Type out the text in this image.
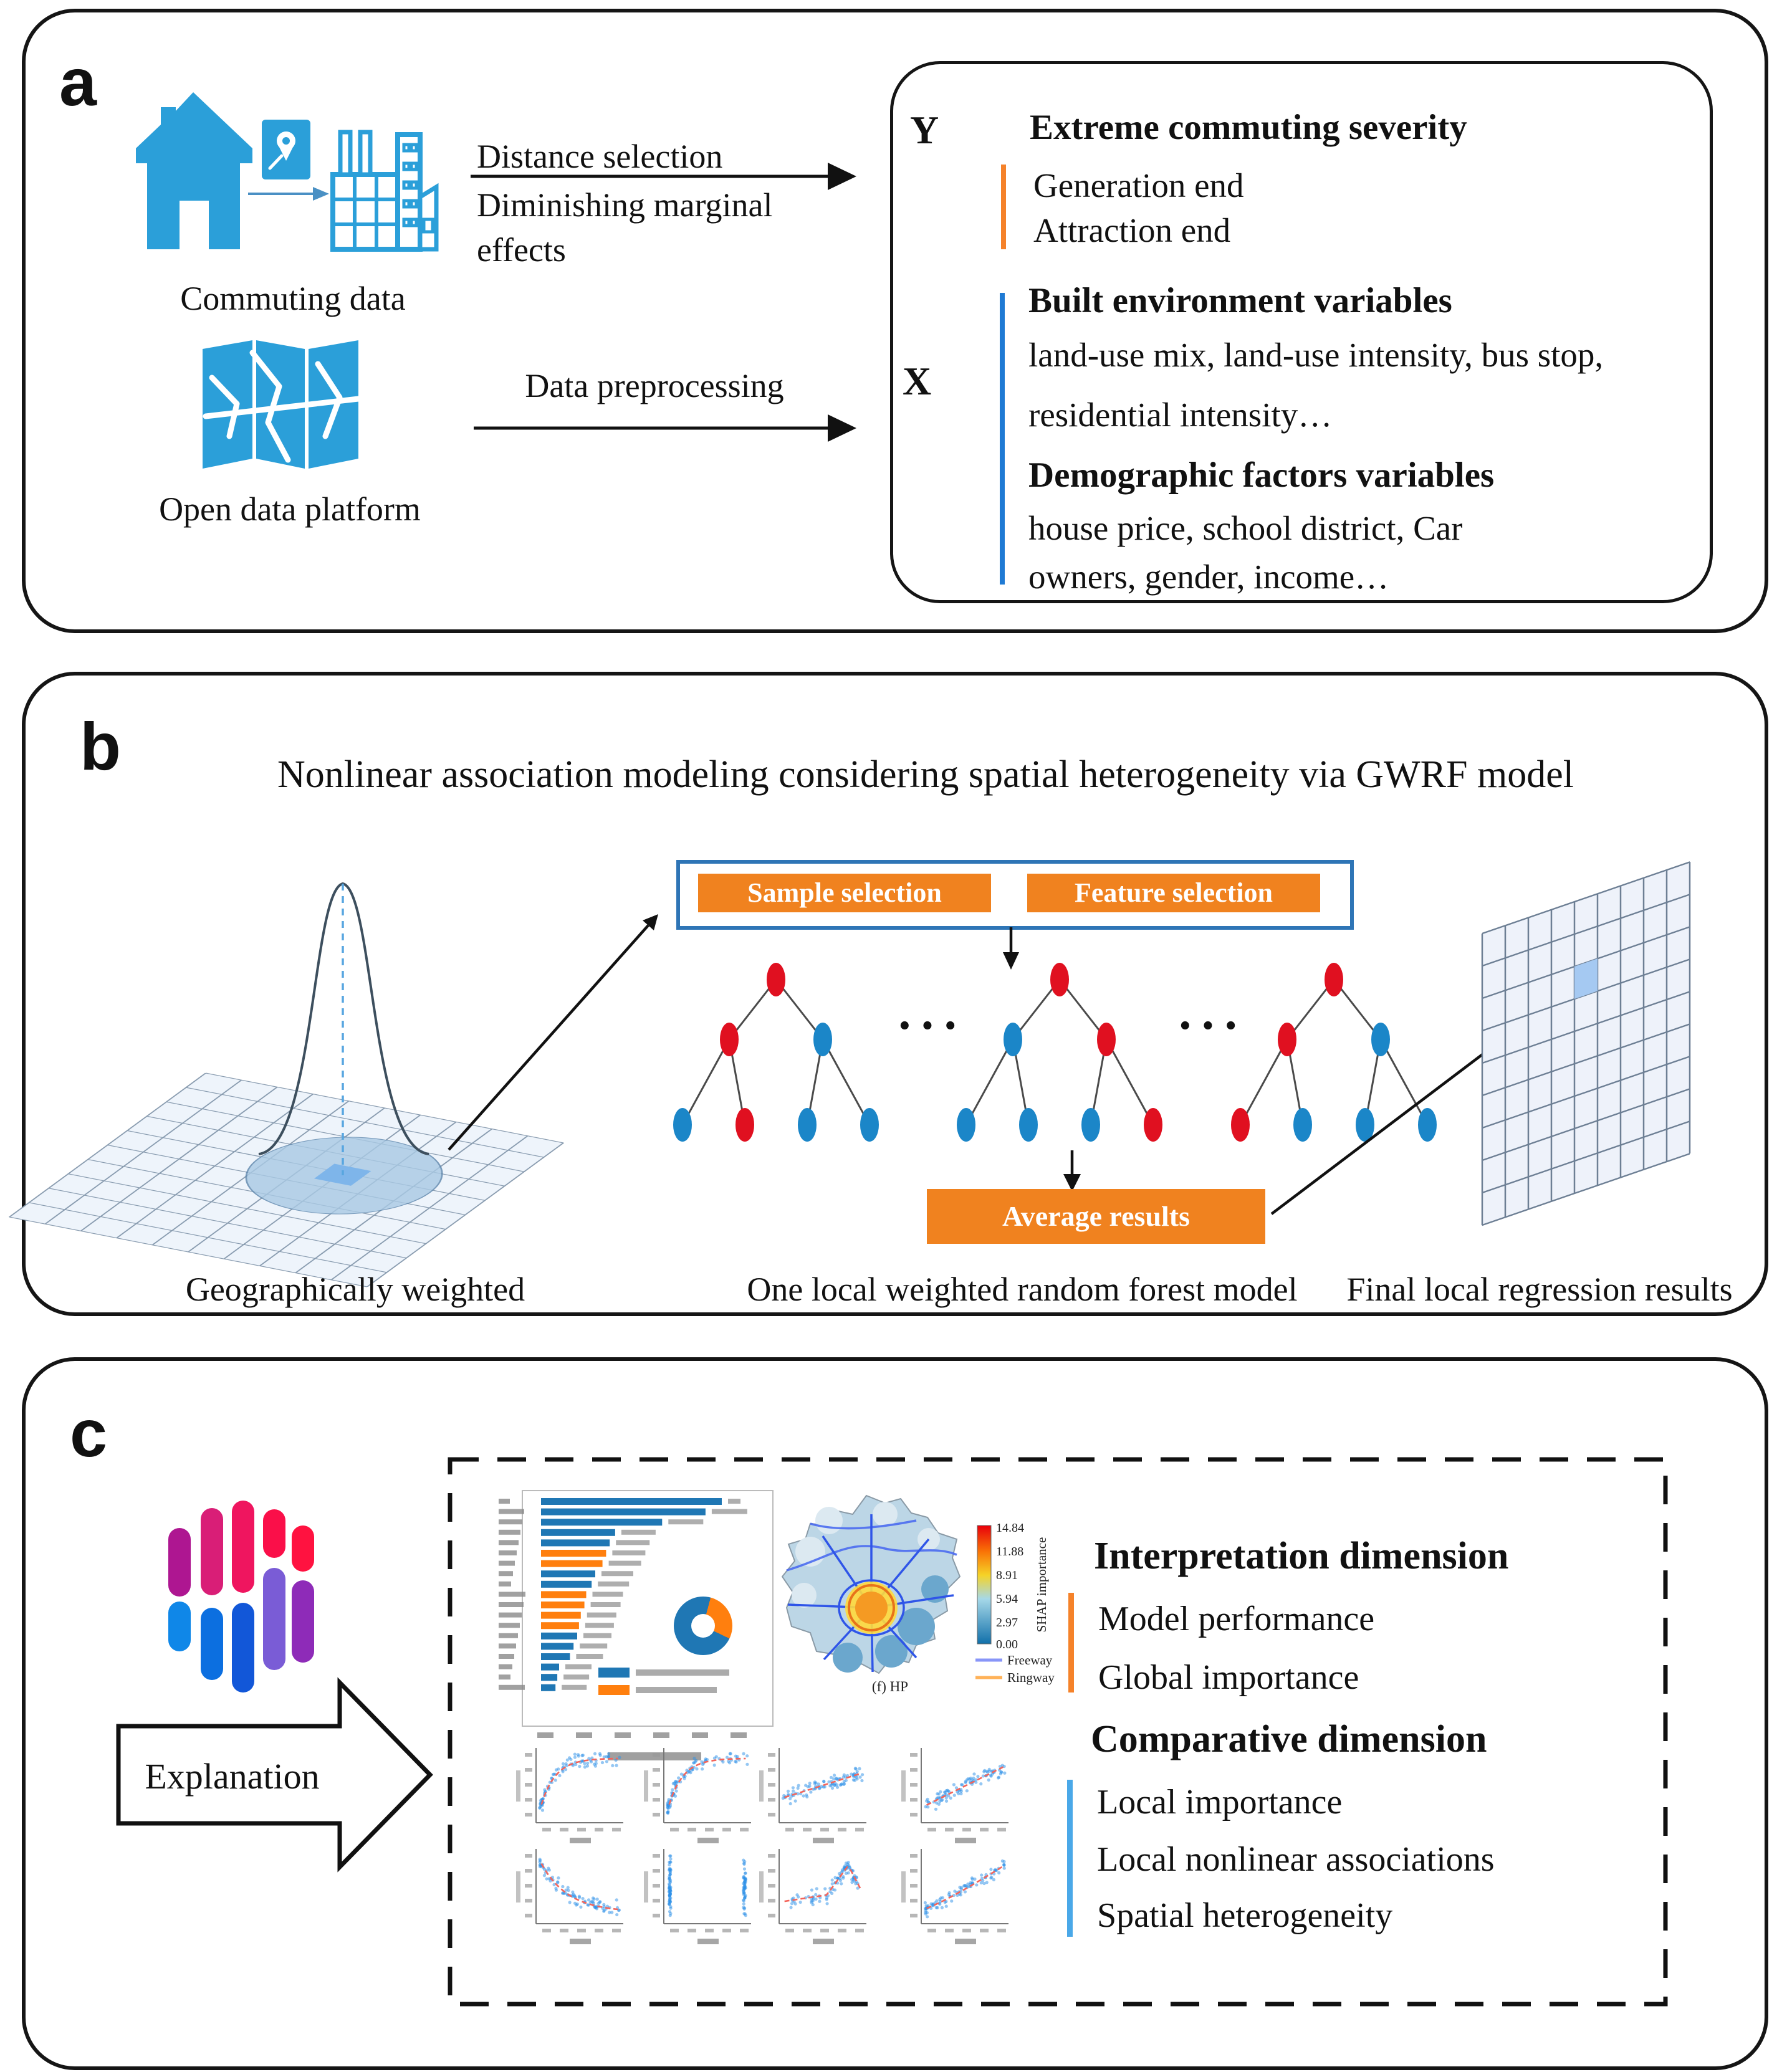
14.84
11.88
8.91
5.94
2.97
0.00
SHAP importance
Freeway
Ringway
(f) HP
a
Commuting data
Distance selection
Diminishing marginal
effects
Open data platform
Data preprocessing
Y	Extreme commuting severity
Generation end
Attraction end
X
Built environment variables
land-use mix, land-use intensity, bus stop,
residential intensity…
Demographic factors variables
house price, school district, Car
owners, gender, income…
b	Nonlinear association modeling considering spatial heterogeneity via GWRF model
Sample selection	Feature selection
···	···
Average results
Geographically weighted	One local weighted random forest model	Final local regression results
c
Explanation
Interpretation dimension
Model performance
Global importance
Comparative dimension
Local importance
Local nonlinear associations
Spatial heterogeneity
